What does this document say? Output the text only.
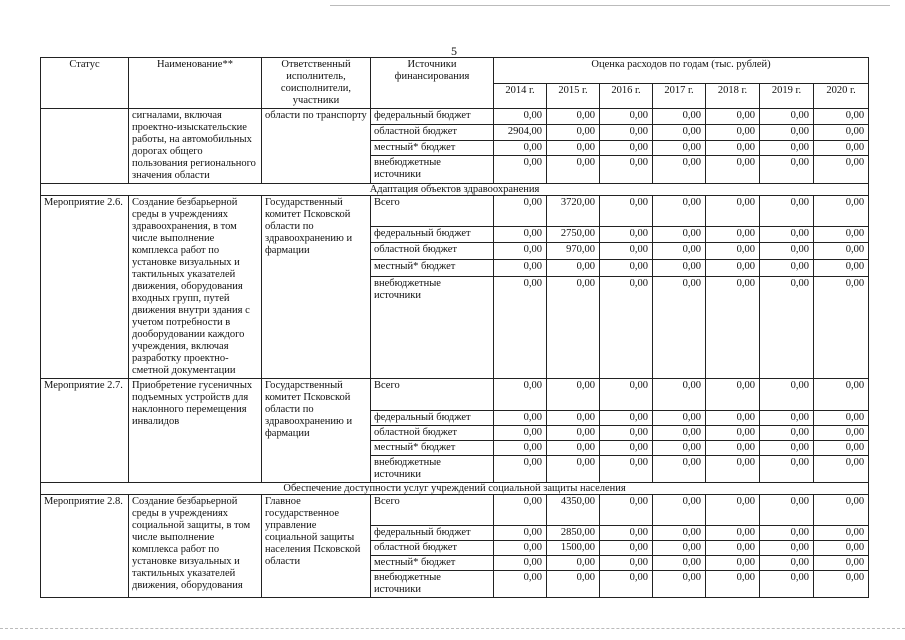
5
Статус	Наименование**	Ответственный исполнитель, соисполнители, участники	Источники финансирования	Оценка расходов по годам (тыс. рублей)						
				2014 г.	2015 г.	2016 г.	2017 г.	2018 г.	2019 г.	2020 г.
	сигналами, включая проектно-изыскательские работы, на автомобильных дорогах общего пользования регионального значения области	области по транспорту	федеральный бюджет	0,00	0,00	0,00	0,00	0,00	0,00	0,00
			областной бюджет	2904,00	0,00	0,00	0,00	0,00	0,00	0,00
			местный* бюджет	0,00	0,00	0,00	0,00	0,00	0,00	0,00
			внебюджетные источники	0,00	0,00	0,00	0,00	0,00	0,00	0,00
Адаптация объектов здравоохранения										
Мероприятие 2.6.	Создание безбарьерной среды в учреждениях здравоохранения, в том числе выполнение комплекса работ по установке визуальных и тактильных указателей движения, оборудования входных групп, путей движения внутри здания с учетом потребности в дооборудовании каждого учреждения, включая разработку проектно-сметной документации	Государственный комитет Псковской области по здравоохранению и фармации	Всего	0,00	3720,00	0,00	0,00	0,00	0,00	0,00
			федеральный бюджет	0,00	2750,00	0,00	0,00	0,00	0,00	0,00
			областной бюджет	0,00	970,00	0,00	0,00	0,00	0,00	0,00
			местный* бюджет	0,00	0,00	0,00	0,00	0,00	0,00	0,00
			внебюджетные источники	0,00	0,00	0,00	0,00	0,00	0,00	0,00
Мероприятие 2.7.	Приобретение гусеничных подъемных устройств для наклонного перемещения инвалидов	Государственный комитет Псковской области по здравоохранению и фармации	Всего	0,00	0,00	0,00	0,00	0,00	0,00	0,00
			федеральный бюджет	0,00	0,00	0,00	0,00	0,00	0,00	0,00
			областной бюджет	0,00	0,00	0,00	0,00	0,00	0,00	0,00
			местный* бюджет	0,00	0,00	0,00	0,00	0,00	0,00	0,00
			внебюджетные источники	0,00	0,00	0,00	0,00	0,00	0,00	0,00
Обеспечение доступности услуг учреждений социальной защиты населения										
Мероприятие 2.8.	Создание безбарьерной среды в учреждениях социальной защиты, в том числе выполнение комплекса работ по установке визуальных и тактильных указателей движения, оборудования	Главное государственное управление социальной защиты населения Псковской области	Всего	0,00	4350,00	0,00	0,00	0,00	0,00	0,00
			федеральный бюджет	0,00	2850,00	0,00	0,00	0,00	0,00	0,00
			областной бюджет	0,00	1500,00	0,00	0,00	0,00	0,00	0,00
			местный* бюджет	0,00	0,00	0,00	0,00	0,00	0,00	0,00
			внебюджетные источники	0,00	0,00	0,00	0,00	0,00	0,00	0,00
